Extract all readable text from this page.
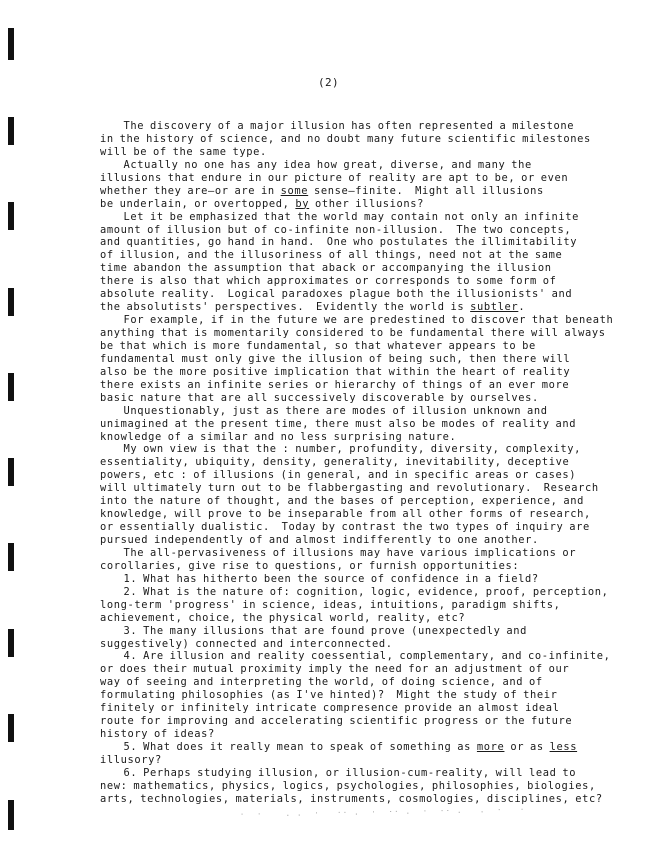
(2)
The discovery of a major illusion has often represented a milestone
in the history of science, and no doubt many future scientific milestones
will be of the same type.
Actually no one has any idea how great, diverse, and many the
illusions that endure in our picture of reality are apt to be, or even
whether they are—or are in some sense—finite.  Might all illusions
be underlain, or overtopped, by other illusions?
Let it be emphasized that the world may contain not only an infinite
amount of illusion but of co-infinite non-illusion.  The two concepts,
and quantities, go hand in hand.  One who postulates the illimitability
of illusion, and the illusoriness of all things, need not at the same
time abandon the assumption that aback or accompanying the illusion
there is also that which approximates or corresponds to some form of
absolute reality.  Logical paradoxes plague both the illusionists' and
the absolutists' perspectives.  Evidently the world is subtler.
For example, if in the future we are predestined to discover that beneath
anything that is momentarily considered to be fundamental there will always
be that which is more fundamental, so that whatever appears to be
fundamental must only give the illusion of being such, then there will
also be the more positive implication that within the heart of reality
there exists an infinite series or hierarchy of things of an ever more
basic nature that are all successively discoverable by ourselves.
Unquestionably, just as there are modes of illusion unknown and
unimagined at the present time, there must also be modes of reality and
knowledge of a similar and no less surprising nature.
My own view is that the : number, profundity, diversity, complexity,
essentiality, ubiquity, density, generality, inevitability, deceptive
powers, etc : of illusions (in general, and in specific areas or cases)
will ultimately turn out to be flabbergasting and revolutionary.  Research
into the nature of thought, and the bases of perception, experience, and
knowledge, will prove to be inseparable from all other forms of research,
or essentially dualistic.  Today by contrast the two types of inquiry are
pursued independently of and almost indifferently to one another.
The all-pervasiveness of illusions may have various implications or
corollaries, give rise to questions, or furnish opportunities:
1. What has hitherto been the source of confidence in a field?
2. What is the nature of: cognition, logic, evidence, proof, perception,
long-term 'progress' in science, ideas, intuitions, paradigm shifts,
achievement, choice, the physical world, reality, etc?
3. The many illusions that are found prove (unexpectedly and
suggestively) connected and interconnected.
4. Are illusion and reality coessential, complementary, and co-infinite,
or does their mutual proximity imply the need for an adjustment of our
way of seeing and interpreting the world, of doing science, and of
formulating philosophies (as I've hinted)?  Might the study of their
finitely or infinitely intricate compresence provide an almost ideal
route for improving and accelerating scientific progress or the future
history of ideas?
5. What does it really mean to speak of something as more or as less
illusory?
6. Perhaps studying illusion, or illusion-cum-reality, will lead to
new: mathematics, physics, logics, psychologies, philosophies, biologies,
arts, technologies, materials, instruments, cosmologies, disciplines, etc?
·  ·    . .  ·   ·· .  ·  ·· .  ·  ·· .   .  ·   ·
